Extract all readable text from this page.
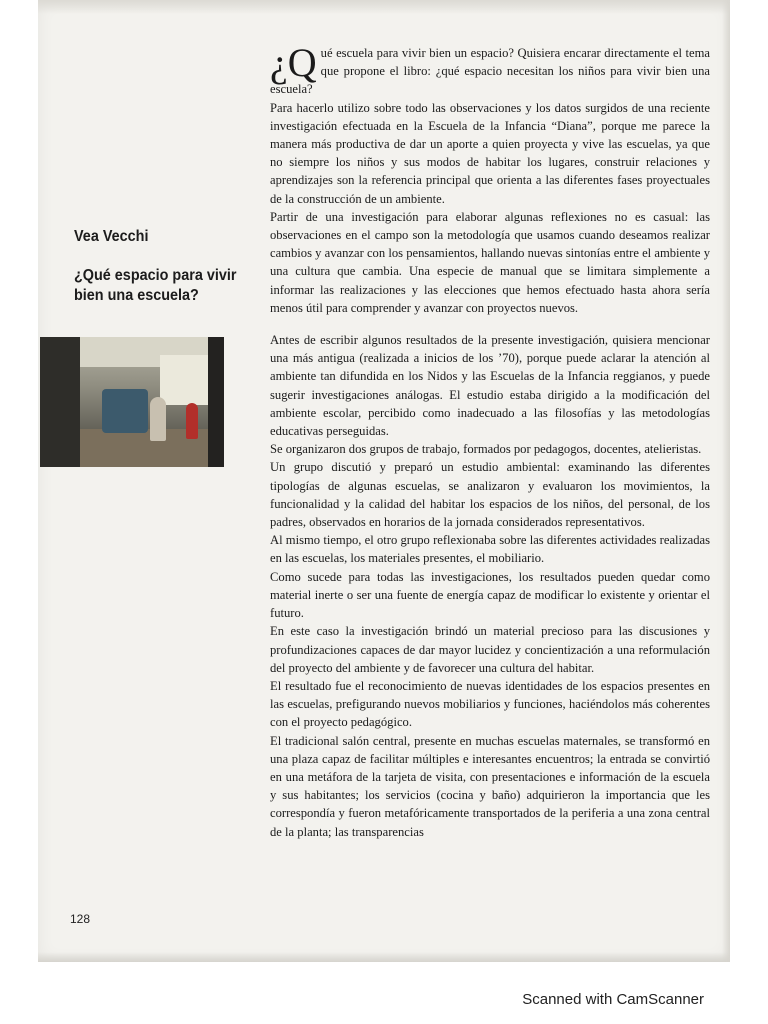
Vea Vecchi
¿Qué espacio para vivir bien una escuela?
128

¿Q ué escuela para vivir bien un espacio? Quisiera encarar directamente el tema que propone el libro: ¿qué espacio necesitan los niños para vivir bien una escuela?

Para hacerlo utilizo sobre todo las observaciones y los datos surgidos de una reciente investigación efectuada en la Escuela de la Infancia “Diana”, porque me parece la manera más productiva de dar un aporte a quien proyecta y vive las escuelas, ya que no siempre los niños y sus modos de habitar los lugares, construir relaciones y aprendizajes son la referencia principal que orienta a las diferentes fases proyectuales de la construcción de un ambiente.

Partir de una investigación para elaborar algunas reflexiones no es casual: las observaciones en el campo son la metodología que usamos cuando deseamos realizar cambios y avanzar con los pensamientos, hallando nuevas sintonías entre el ambiente y una cultura que cambia. Una especie de manual que se limitara simplemente a informar las realizaciones y las elecciones que hemos efectuado hasta ahora sería menos útil para comprender y avanzar con proyectos nuevos.

Antes de escribir algunos resultados de la presente investigación, quisiera mencionar una más antigua (realizada a inicios de los ’70), porque puede aclarar la atención al ambiente tan difundida en los Nidos y las Escuelas de la Infancia reggianos, y puede sugerir investigaciones análogas. El estudio estaba dirigido a la modificación del ambiente escolar, percibido como inadecuado a las filosofías y las metodologías educativas perseguidas.

Se organizaron dos grupos de trabajo, formados por pedagogos, docentes, atelieristas.

Un grupo discutió y preparó un estudio ambiental: examinando las diferentes tipologías de algunas escuelas, se analizaron y evaluaron los movimientos, la funcionalidad y la calidad del habitar los espacios de los niños, del personal, de los padres, observados en horarios de la jornada considerados representativos.

Al mismo tiempo, el otro grupo reflexionaba sobre las diferentes actividades realizadas en las escuelas, los materiales presentes, el mobiliario.

Como sucede para todas las investigaciones, los resultados pueden quedar como material inerte o ser una fuente de energía capaz de modificar lo existente y orientar el futuro.

En este caso la investigación brindó un material precioso para las discusiones y profundizaciones capaces de dar mayor lucidez y concientización a una reformulación del proyecto del ambiente y de favorecer una cultura del habitar.

El resultado fue el reconocimiento de nuevas identidades de los espacios presentes en las escuelas, prefigurando nuevos mobiliarios y funciones, haciéndolos más coherentes con el proyecto pedagógico.

El tradicional salón central, presente en muchas escuelas maternales, se transformó en una plaza capaz de facilitar múltiples e interesantes encuentros; la entrada se convirtió en una metáfora de la tarjeta de visita, con presentaciones e información de la escuela y sus habitantes; los servicios (cocina y baño) adquirieron la importancia que les correspondía y fueron metafóricamente transportados de la periferia a una zona central de la planta; las transparencias

Scanned with CamScanner
